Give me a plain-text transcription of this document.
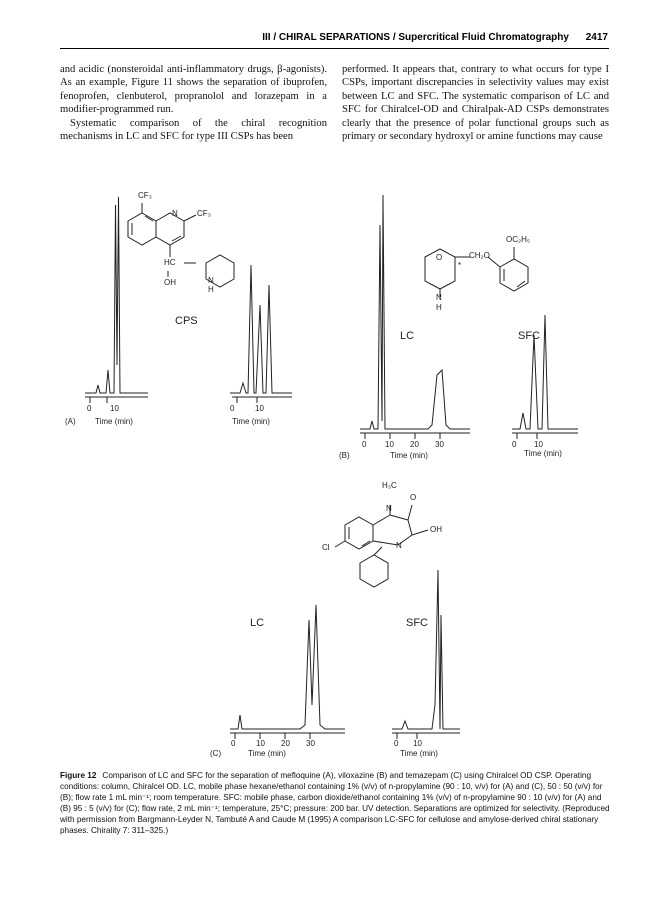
III / CHIRAL SEPARATIONS / Supercritical Fluid Chromatography 2417

and acidic (nonsteroidal anti-inflammatory drugs, β-agonists). As an example, Figure 11 shows the separation of ibuprofen, fenoprofen, clenbuterol, propranolol and lorazepam in a modifier-programmed run.

Systematic comparison of the chiral recognition mechanisms in LC and SFC for type III CSPs has been

performed. It appears that, contrary to what occurs for type I CSPs, important discrepancies in selectivity values may exist between LC and SFC. The systematic comparison of LC and SFC for Chiralcel-OD and Chiralpak-AD CSPs demonstrates clearly that the presence of polar functional groups such as primary or secondary hydroxyl or amine functions may cause

CF₃
CF₃
N
HC
OH	N
H
CPS
0 10
(A) Time (min)
0	10
Time (min)
O
N
H
*
CH₂O
OC₂H₅
LC	SFC
0 10 20 30
(B)	Time (min)
0 10
Time (min)
H₃C
N
O
OH
N
Cl
LC	SFC
0	10 20 30
(C)	Time (min)
0 10
Time (min)
Figure 12 Comparison of LC and SFC for the separation of mefloquine (A), viloxazine (B) and temazepam (C) using Chiralcel OD CSP. Operating conditions: column, Chiralcel OD. LC, mobile phase hexane/ethanol containing 1% (v/v) of n-propylamine (90 : 10, v/v) for (A) and (C), 50 : 50 (v/v) for (B); flow rate 1 mL min⁻¹; room temperature. SFC: mobile phase, carbon dioxide/ethanol containing 1% (v/v) of n-propylamine 90 : 10 (v/v) for (A) and (B) 95 : 5 (v/v) for (C); flow rate, 2 mL min⁻¹; temperature, 25°C; pressure: 200 bar. UV detection. Separations are optimized for selectivity. (Reproduced with permission from Bargmann-Leyder N, Tambuté A and Caude M (1995) A comparison LC-SFC for cellulose and amylose-derived chiral stationary phases. Chirality 7: 311–325.)
